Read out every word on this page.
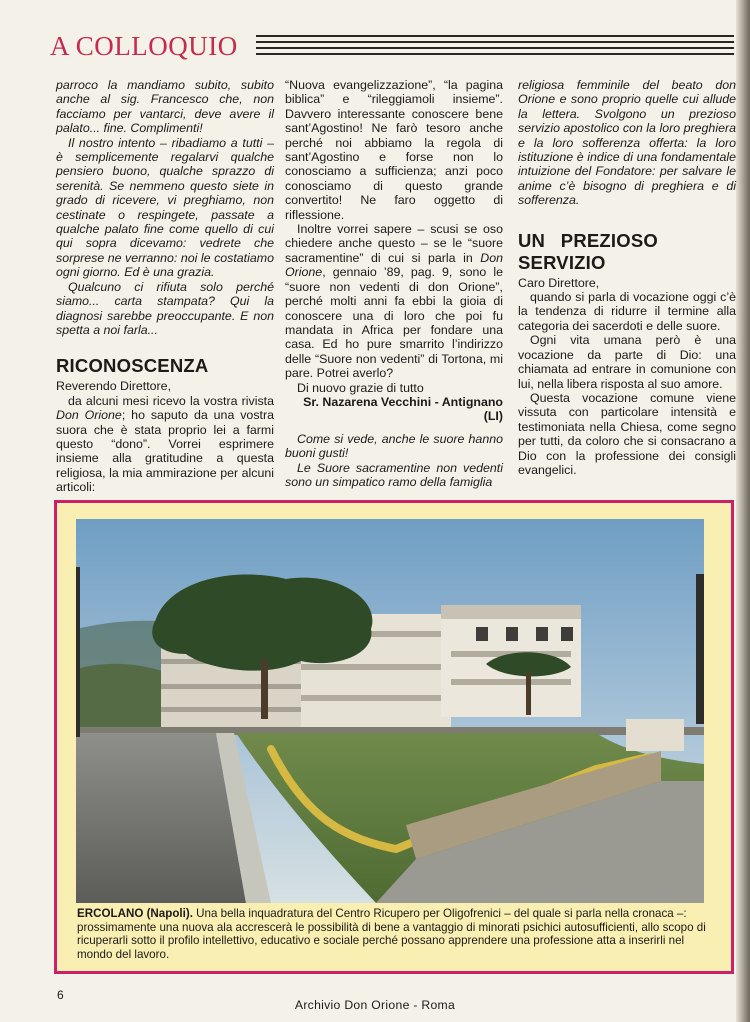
A COLLOQUIO

parroco la mandiamo subito, subito anche al sig. Francesco che, non facciamo per vantarci, deve avere il palato... fine. Complimenti!

Il nostro intento – ribadiamo a tutti – è semplicemente regalarvi qualche pensiero buono, qualche sprazzo di serenità. Se nemmeno questo siete in grado di ricevere, vi preghiamo, non cestinate o respingete, passate a qualche palato fine come quello di cui qui sopra dicevamo: vedrete che sorprese ne verranno: noi le costatiamo ogni giorno. Ed è una grazia.

Qualcuno ci rifiuta solo perché siamo... carta stampata? Qui la diagnosi sarebbe preoccupante. E non spetta a noi farla...

RICONOSCENZA

Reverendo Direttore,

da alcuni mesi ricevo la vostra rivista Don Orione; ho saputo da una vostra suora che è stata proprio lei a farmi questo “dono”. Vorrei esprimere insieme alla gratitudine a questa religiosa, la mia ammirazione per alcuni articoli:

“Nuova evangelizzazione”, “la pagina biblica” e “rileggiamoli insieme”. Davvero interessante conoscere bene sant’Agostino! Ne farò tesoro anche perché noi abbiamo la regola di sant’Agostino e forse non lo conosciamo a sufficienza; anzi poco conosciamo di questo grande convertito! Ne faro oggetto di riflessione.

Inoltre vorrei sapere – scusi se oso chiedere anche questo – se le “suore sacramentine” di cui si parla in Don Orione, gennaio ’89, pag. 9, sono le “suore non vedenti di don Orione”, perché molti anni fa ebbi la gioia di conoscere una di loro che poi fu mandata in Africa per fondare una casa. Ed ho pure smarrito l’indirizzo delle “Suore non vedenti” di Tortona, mi pare. Potrei averlo?

Di nuovo grazie di tutto

Sr. Nazarena Vecchini - Antignano (LI)

Come si vede, anche le suore hanno buoni gusti!

Le Suore sacramentine non vedenti sono un simpatico ramo della famiglia

religiosa femminile del beato don Orione e sono proprio quelle cui allude la lettera. Svolgono un prezioso servizio apostolico con la loro preghiera e la loro sofferenza offerta: la loro istituzione è indice di una fondamentale intuizione del Fondatore: per salvare le anime c’è bisogno di preghiera e di sofferenza.

UN PREZIOSO SERVIZIO

Caro Direttore,

quando si parla di vocazione oggi c’è la tendenza di ridurre il termine alla categoria dei sacerdoti e delle suore.

Ogni vita umana però è una vocazione da parte di Dio: una chiamata ad entrare in comunione con lui, nella libera risposta al suo amore.

Questa vocazione comune viene vissuta con particolare intensità e testimoniata nella Chiesa, come segno per tutti, da coloro che si consacrano a Dio con la professione dei consigli evangelici.

ERCOLANO (Napoli). Una bella inquadratura del Centro Ricupero per Oligofrenici – del quale si parla nella cronaca –: prossimamente una nuova ala accrescerà le possibilità di bene a vantaggio di minorati psichici autosufficienti, allo scopo di ricuperarli sotto il profilo intellettivo, educativo e sociale perché possano apprendere una professione atta a inserirli nel mondo del lavoro.
6
Archivio Don Orione - Roma
